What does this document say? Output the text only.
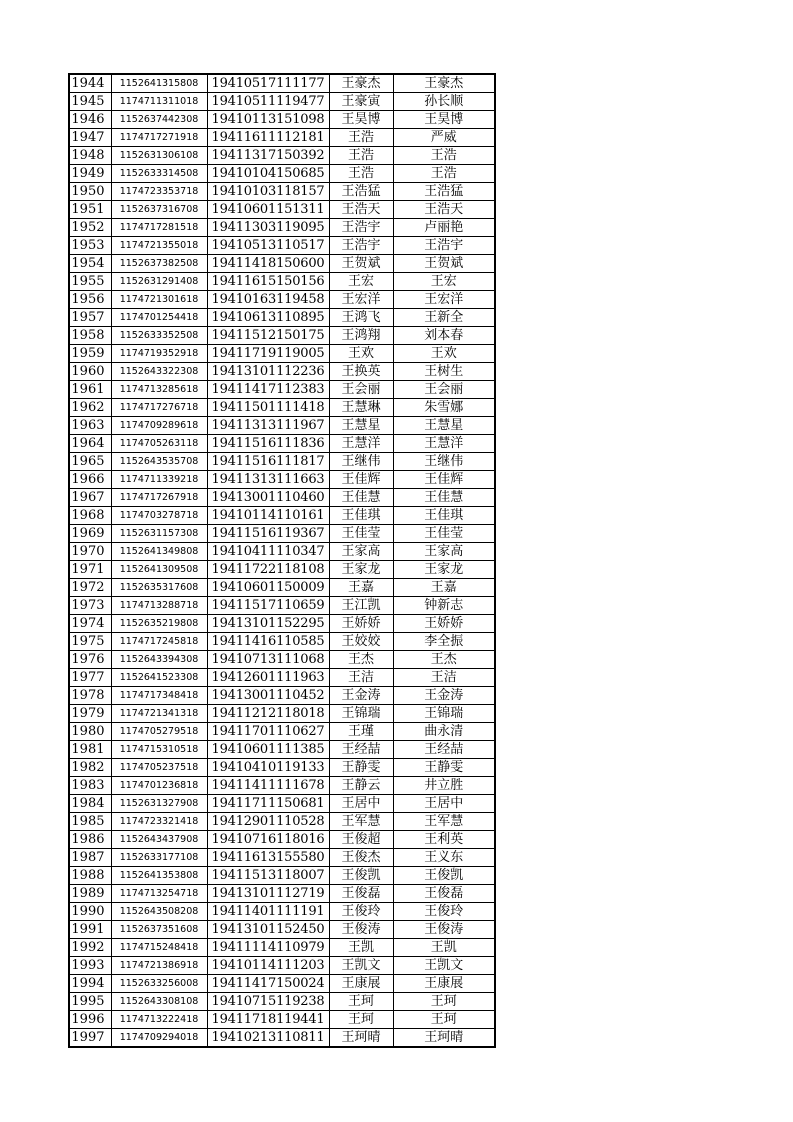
1944	1152641315808	19410517111177	王豪杰	王豪杰
1945	1174711311018	19410511119477	王豪寅	孙长顺
1946	1152637442308	19410113151098	王昊博	王昊博
1947	1174717271918	19411611112181	王浩	严威
1948	1152631306108	19411317150392	王浩	王浩
1949	1152633314508	19410104150685	王浩	王浩
1950	1174723353718	19410103118157	王浩猛	王浩猛
1951	1152637316708	19410601151311	王浩天	王浩天
1952	1174717281518	19411303119095	王浩宇	卢丽艳
1953	1174721355018	19410513110517	王浩宇	王浩宇
1954	1152637382508	19411418150600	王贺斌	王贺斌
1955	1152631291408	19411615150156	王宏	王宏
1956	1174721301618	19410163119458	王宏洋	王宏洋
1957	1174701254418	19410613110895	王鸿飞	王新全
1958	1152633352508	19411512150175	王鸿翔	刘本春
1959	1174719352918	19411719119005	王欢	王欢
1960	1152643322308	19413101112236	王换英	王树生
1961	1174713285618	19411417112383	王会丽	王会丽
1962	1174717276718	19411501111418	王慧琳	朱雪娜
1963	1174709289618	19411313111967	王慧星	王慧星
1964	1174705263118	19411516111836	王慧洋	王慧洋
1965	1152643535708	19411516111817	王继伟	王继伟
1966	1174711339218	19411313111663	王佳辉	王佳辉
1967	1174717267918	19413001110460	王佳慧	王佳慧
1968	1174703278718	19410114110161	王佳琪	王佳琪
1969	1152631157308	19411516119367	王佳莹	王佳莹
1970	1152641349808	19410411110347	王家高	王家高
1971	1152641309508	19411722118108	王家龙	王家龙
1972	1152635317608	19410601150009	王嘉	王嘉
1973	1174713288718	19411517110659	王江凯	钟新志
1974	1152635219808	19413101152295	王娇娇	王娇娇
1975	1174717245818	19411416110585	王姣姣	李全振
1976	1152643394308	19410713111068	王杰	王杰
1977	1152641523308	19412601111963	王洁	王洁
1978	1174717348418	19413001110452	王金涛	王金涛
1979	1174721341318	19411212118018	王锦瑞	王锦瑞
1980	1174705279518	19411701110627	王瑾	曲永清
1981	1174715310518	19410601111385	王经喆	王经喆
1982	1174705237518	19410410119133	王静雯	王静雯
1983	1174701236818	19411411111678	王静云	井立胜
1984	1152631327908	19411711150681	王居中	王居中
1985	1174723321418	19412901110528	王军慧	王军慧
1986	1152643437908	19410716118016	王俊超	王利英
1987	1152633177108	19411613155580	王俊杰	王义东
1988	1152641353808	19411513118007	王俊凯	王俊凯
1989	1174713254718	19413101112719	王俊磊	王俊磊
1990	1152643508208	19411401111191	王俊玲	王俊玲
1991	1152637351608	19413101152450	王俊涛	王俊涛
1992	1174715248418	19411114110979	王凯	王凯
1993	1174721386918	19410114111203	王凯文	王凯文
1994	1152633256008	19411417150024	王康展	王康展
1995	1152643308108	19410715119238	王珂	王珂
1996	1174713222418	19411718119441	王珂	王珂
1997	1174709294018	19410213110811	王珂晴	王珂晴
